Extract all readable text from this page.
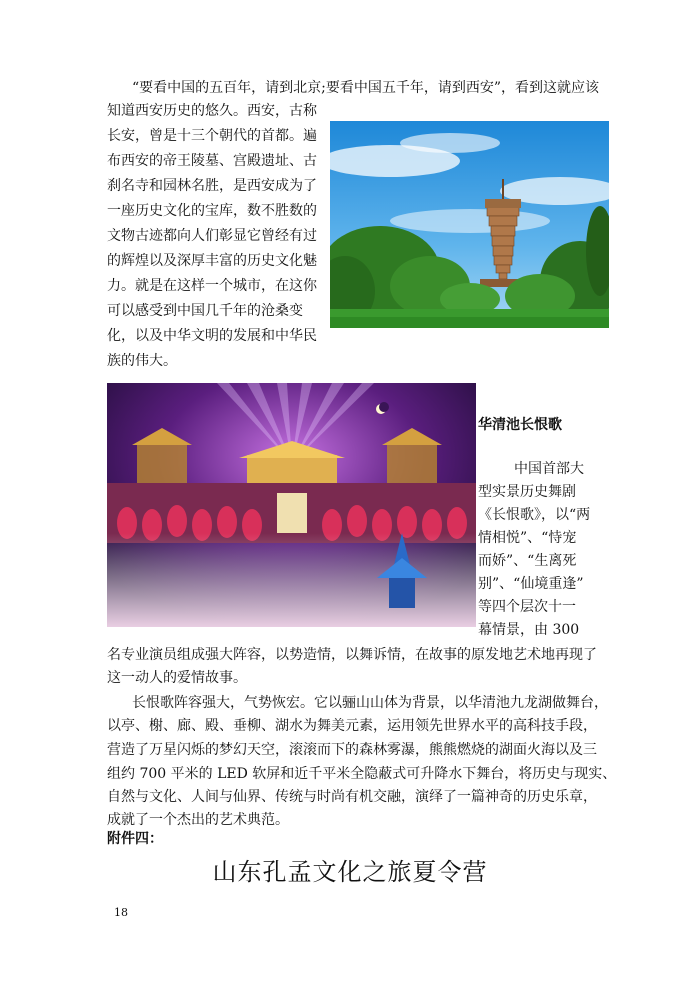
“要看中国的五百年，请到北京;要看中国五千年，请到西安”，看到这就应该
知道西安历史的悠久。西安，古称
长安，曾是十三个朝代的首都。遍
布西安的帝王陵墓、宫殿遗址、古
刹名寺和园林名胜，是西安成为了
一座历史文化的宝库，数不胜数的
文物古迹都向人们彰显它曾经有过
的辉煌以及深厚丰富的历史文化魅
力。就是在这样一个城市，在这你
可以感受到中国几千年的沧桑变
化，以及中华文明的发展和中华民
族的伟大。
华清池长恨歌
中国首部大
型实景历史舞剧
《长恨歌》，以“两
情相悦”、“恃宠
而娇”、“生离死
别”、“仙境重逢”
等四个层次十一
幕情景，由 300
名专业演员组成强大阵容，以势造情，以舞诉情，在故事的原发地艺术地再现了
这一动人的爱情故事。
长恨歌阵容强大，气势恢宏。它以骊山山体为背景，以华清池九龙湖做舞台，
以亭、榭、廊、殿、垂柳、湖水为舞美元素，运用领先世界水平的高科技手段，
营造了万星闪烁的梦幻天空，滚滚而下的森林雾瀑，熊熊燃烧的湖面火海以及三
组约 700 平米的 LED 软屏和近千平米全隐蔽式可升降水下舞台，将历史与现实、
自然与文化、人间与仙界、传统与时尚有机交融，演绎了一篇神奇的历史乐章，
成就了一个杰出的艺术典范。
附件四：
山东孔孟文化之旅夏令营
18
